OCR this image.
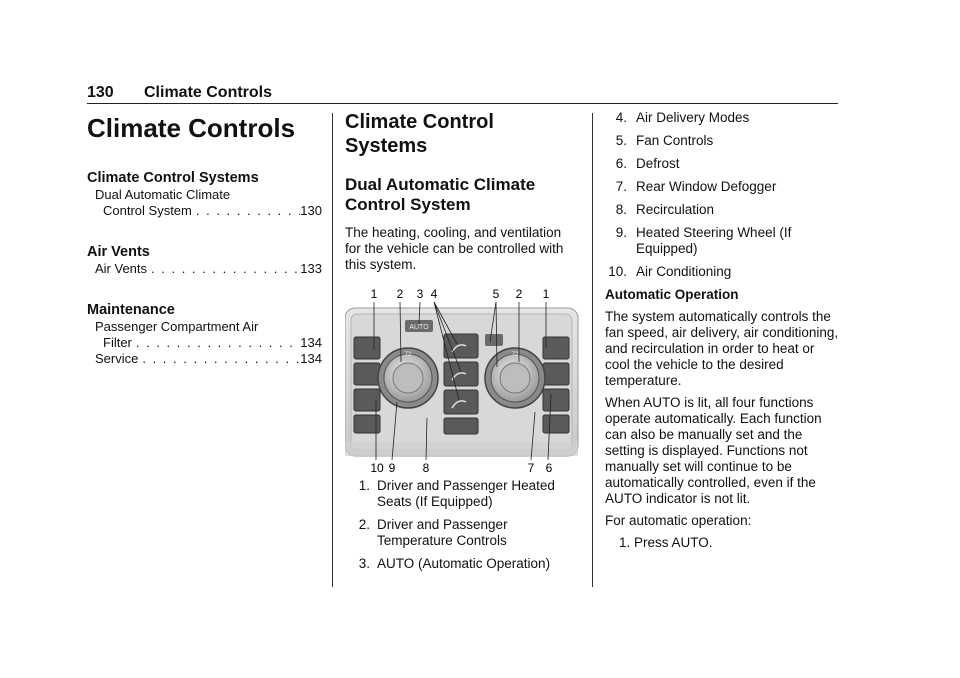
130 Climate Controls
Climate Controls
Climate Control Systems
Dual Automatic Climate
Control System . . .	130
Air Vents
Air Vents . . .	133
Maintenance
Passenger Compartment Air
Filter . . .	134
Service . . .	134
Climate Control
Systems
Dual Automatic Climate
Control System

The heating, cooling, and ventilation for the vehicle can be controlled with this system.

1 2 3 4	5 2 1
AUTO
72	72
10 9 8	7 6
1. Driver and Passenger Heated Seats (If Equipped)
2. Driver and Passenger Temperature Controls
3. AUTO (Automatic Operation)
4. Air Delivery Modes
5. Fan Controls
6. Defrost
7. Rear Window Defogger
8. Recirculation
9. Heated Steering Wheel (If Equipped)
10. Air Conditioning
Automatic Operation

The system automatically controls the fan speed, air delivery, air conditioning, and recirculation in order to heat or cool the vehicle to the desired temperature.

When AUTO is lit, all four functions operate automatically. Each function can also be manually set and the setting is displayed. Functions not manually set will continue to be automatically controlled, even if the AUTO indicator is not lit.

For automatic operation:

1. Press AUTO.
